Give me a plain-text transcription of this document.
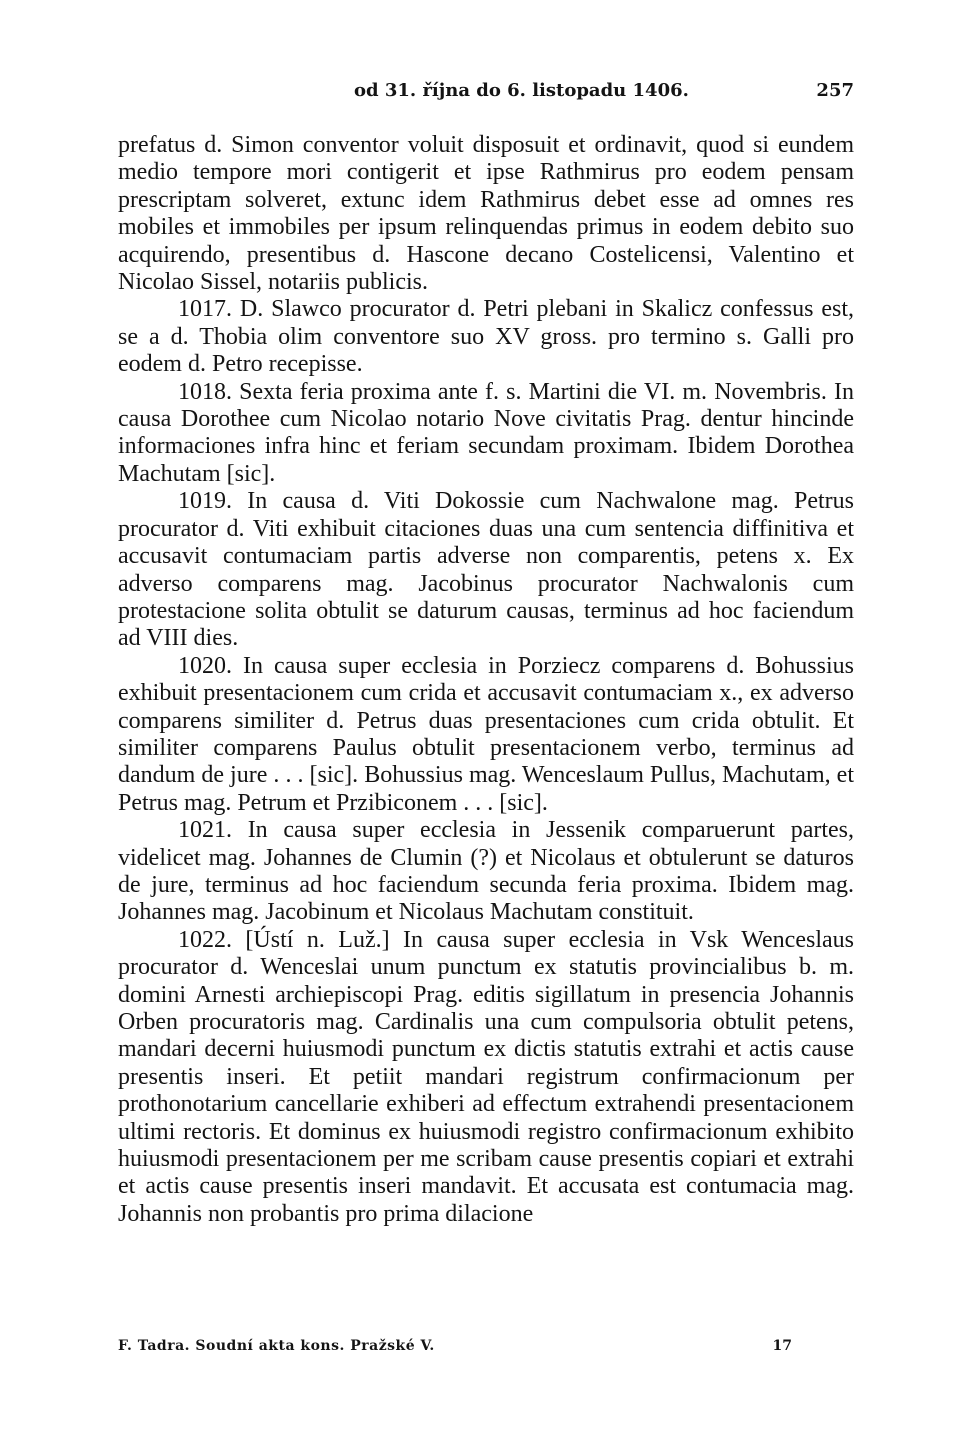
od 31. října do 6. listopadu 1406.	257

prefatus d. Simon conventor voluit disposuit et ordinavit, quod si eundem medio tempore mori contigerit et ipse Rathmirus pro eodem pensam prescriptam solveret, extunc idem Rathmirus debet esse ad omnes res mobiles et immobiles per ipsum relinquendas primus in eodem debito suo acquirendo, presentibus d. Hascone decano Costelicensi, Valentino et Nicolao Sissel, notariis publicis.

1017. D. Slawco procurator d. Petri plebani in Skalicz confessus est, se a d. Thobia olim conventore suo XV gross. pro termino s. Galli pro eodem d. Petro recepisse.

1018. Sexta feria proxima ante f. s. Martini die VI. m. Novembris. In causa Dorothee cum Nicolao notario Nove civitatis Prag. dentur hincinde informaciones infra hinc et feriam secundam proximam. Ibidem Dorothea Machutam [sic].

1019. In causa d. Viti Dokossie cum Nachwalone mag. Petrus procurator d. Viti exhibuit citaciones duas una cum sentencia diffinitiva et accusavit contumaciam partis adverse non comparentis, petens x. Ex adverso comparens mag. Jacobinus procurator Nachwalonis cum protestacione solita obtulit se daturum causas, terminus ad hoc faciendum ad VIII dies.

1020. In causa super ecclesia in Porziecz comparens d. Bohussius exhibuit presentacionem cum crida et accusavit contumaciam x., ex adverso comparens similiter d. Petrus duas presentaciones cum crida obtulit. Et similiter comparens Paulus obtulit presentacionem verbo, terminus ad dandum de jure . . . [sic]. Bohussius mag. Wenceslaum Pullus, Machutam, et Petrus mag. Petrum et Przibiconem . . . [sic].

1021. In causa super ecclesia in Jessenik comparuerunt partes, videlicet mag. Johannes de Clumin (?) et Nicolaus et obtulerunt se daturos de jure, terminus ad hoc faciendum secunda feria proxima. Ibidem mag. Johannes mag. Jacobinum et Nicolaus Machutam constituit.

1022. [Ústí n. Luž.] In causa super ecclesia in Vsk Wenceslaus procurator d. Wenceslai unum punctum ex statutis provincialibus b. m. domini Arnesti archiepiscopi Prag. editis sigillatum in presencia Johannis Orben procuratoris mag. Cardinalis una cum compulsoria obtulit petens, mandari decerni huiusmodi punctum ex dictis statutis extrahi et actis cause presentis inseri. Et petiit mandari registrum confirmacionum per prothonotarium cancellarie exhiberi ad effectum extrahendi presentacionem ultimi rectoris. Et dominus ex huiusmodi registro confirmacionum exhibito huiusmodi presentacionem per me scribam cause presentis copiari et extrahi et actis cause presentis inseri mandavit. Et accusata est contumacia mag. Johannis non probantis pro prima dilacione

F. Tadra. Soudní akta kons. Pražské V.	17
